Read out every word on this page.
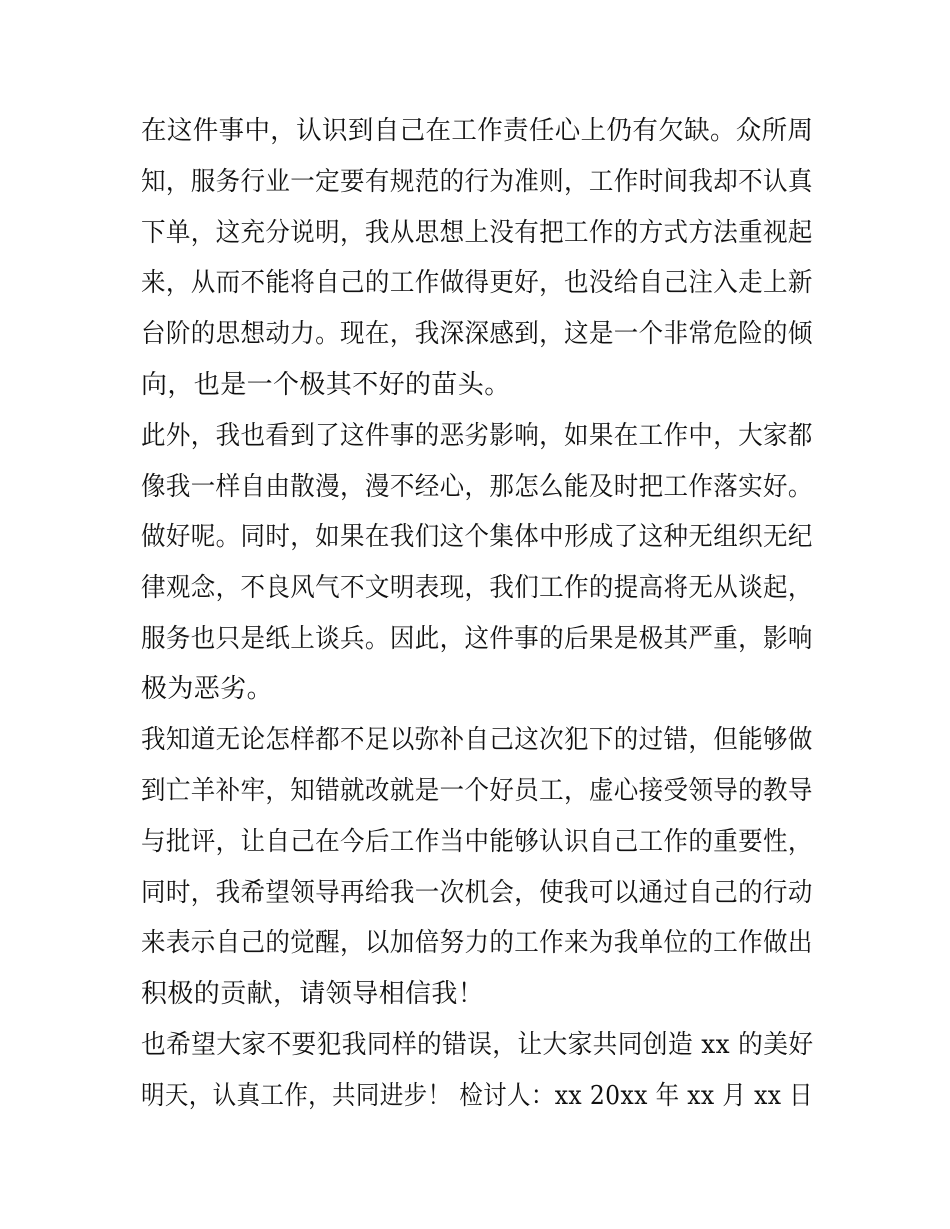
在这件事中，认识到自己在工作责任心上仍有欠缺。众所周
知，服务行业一定要有规范的行为准则，工作时间我却不认真
下单，这充分说明，我从思想上没有把工作的方式方法重视起
来，从而不能将自己的工作做得更好，也没给自己注入走上新
台阶的思想动力。现在，我深深感到，这是一个非常危险的倾
向，也是一个极其不好的苗头。
此外，我也看到了这件事的恶劣影响，如果在工作中，大家都
像我一样自由散漫，漫不经心，那怎么能及时把工作落实好。
做好呢。同时，如果在我们这个集体中形成了这种无组织无纪
律观念，不良风气不文明表现，我们工作的提高将无从谈起，
服务也只是纸上谈兵。因此，这件事的后果是极其严重，影响
极为恶劣。
我知道无论怎样都不足以弥补自己这次犯下的过错，但能够做
到亡羊补牢，知错就改就是一个好员工，虚心接受领导的教导
与批评，让自己在今后工作当中能够认识自己工作的重要性，
同时，我希望领导再给我一次机会，使我可以通过自己的行动
来表示自己的觉醒，以加倍努力的工作来为我单位的工作做出
积极的贡献，请领导相信我！
也希望大家不要犯我同样的错误，让大家共同创造 xx 的美好
明天，认真工作，共同进步！ 检讨人：xx 20xx 年 xx 月 xx 日
